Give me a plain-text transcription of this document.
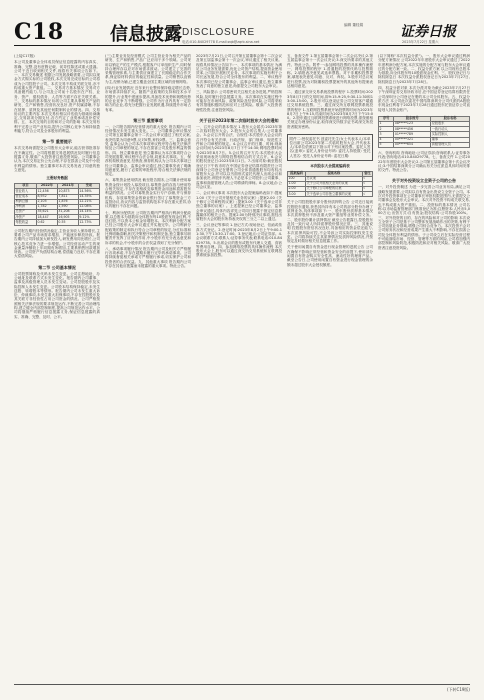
C18	信息披露 DISCLOSURE
电话:010-84029778 E-mail:zqb@zqrb.sina.net
编辑 董桂娟	证券日报
2023年7月22日 星期六

(上接C17版)

本公司及董事会全体成员保证信息披露的内容真实、准确、完整,没有虚假记载、误导性陈述或重大遗漏。公司于近日收到相关文件,现将有关事项公告如下。一、本次交易概述 根据公司发展战略需要,公司拟以现金方式购买标的公司股权,本次交易完成后标的公司将成为公司控股子公司。本次交易不构成关联交易,亦不构成重大资产重组。二、交易对方基本情况 交易对方具备履约能力,与公司及公司前十名股东在产权、业务、资产、债权债务、人员等方面不存在关联关系。三、交易标的基本情况 标的公司主要从事相关产品的研发、生产和销售,经营状况良好,资产权属清晰,不存在抵押、质押及其他任何限制转让的情况。四、交易协议的主要内容 本次交易价格以评估值为基础协商确定,交易款项分期支付,各方约定了业绩承诺及补偿安排。五、本次交易的目的和对公司的影响 本次交易有利于完善公司产业布局,提升公司核心竞争力和持续盈利能力,符合公司及全体股东的利益。

第一节 重要提示

本次交易尚需提交公司股东大会审议,能否获得批准存在不确定性。公司将根据交易进展情况及时履行信息披露义务,敬请广大投资者注意投资风险。公司董事会认为,本次交易定价公允合理,不存在损害公司及中小股东利益的情形。独立董事对本次交易发表了同意的独立意见。

主要财务数据
项目	2022年	2021年	变动
营业收入	12,456	10,873	14.56%
营业成本	8,932	7,811	14.35%
利润总额	2,105	1,876	12.21%
净利润	1,782	1,590	12.08%
总资产	35,621	31,208	14.14%
净资产	18,447	16,905	9.12%
每股收益	0.62	0.55	12.73%

公司报告期内经营情况稳定,主营业务收入保持增长,主要系公司产品市场需求增加、产能逐步释放所致。报告期内公司持续加大研发投入,研发费用同比增长,公司核心技术竞争力进一步增强。公司经营活动产生的现金流量净额较上年同期有所增加,主要系销售回款增加所致。公司资产负债结构合理,偿债能力良好,不存在重大偿债风险。

第二节 公司基本情况

公司股票简称及代码未发生变更。公司注册地址、办公地址及联系方式未发生变化。报告期内公司董事、监事及高级管理人员未发生变动。公司控股股东及实际控制人未发生变更。公司股本结构保持稳定,未发生送股、转增股本等情形。报告期内公司未发生重大诉讼、仲裁事项,未发生重大担保事项,不存在控股股东及其关联方非经营性占用公司资金的情况。公司严格按照相关法律法规的要求规范运作,不断完善公司治理结构,建立健全内部控制制度,提高公司规范运作水平。公司将继续严格履行信息披露义务,保证信息披露的真实、准确、完整、及时、公平。

(三)主要业务及经营模式 公司主营业务为相关产品的研发、生产和销售,产品广泛应用于多个领域。公司采用以销定产的生产模式,根据客户订单组织生产,同时保持合理库存以应对市场需求波动。公司建立了完善的采购管理体系,与主要供应商建立了长期稳定的合作关系,保证原材料供应的稳定性和质量。公司销售以直销为主,经销为辅,已建立覆盖全国主要区域的营销网络。

(四)行业发展情况 近年来行业整体保持稳定增长态势,市场需求持续扩大。随着产业政策的支持和技术水平的提升,行业集中度逐步提高,具备技术优势和规模优势的企业竞争力不断增强。公司作为行业内具有一定影响力的企业,将充分把握行业发展机遇,持续提升市场占有率。

第三节 重要事项

一、公司报告期内经营情况的重大变化 报告期内公司经营情况未发生重大变化。二、公司董事会审议情况 公司第五届董事会第十二次会议审议通过了相关议案,表决结果为同意9票,反对0票,弃权0票。三、监事会意见 监事会认为公司本次事项审议程序符合相关法律法规及公司章程的规定,不存在损害公司及股东利益的情形。四、独立董事意见 独立董事认为本次事项符合公司发展需要,审议程序合法合规,同意本次事项。五、保荐机构核查意见 经核查,保荐机构认为公司本次事项已经公司董事会、监事会审议通过,独立董事发表了明确同意意见,履行了必要的审批程序,符合相关法律法规的规定。

六、募集资金使用情况 截至报告期末,公司累计使用募集资金按计划投入募投项目,募集资金的存放与使用符合相关规定,不存在变相改变募集资金用途和损害股东利益的情况。公司对募集资金实行专户存储,并与保荐机构、存放募集资金的商业银行签订了募集资金三方监管协议,协议内容与监管机构范本不存在重大差异,协议的履行不存在问题。

七、利润分配情况 公司报告期内严格执行利润分配政策,以总股本为基数向全体股东每10股派发现金红利,不送红股,不以资本公积金转增股本。本次利润分配方案已经公司股东大会审议通过并实施完毕。公司利润分配政策的制定和执行符合公司章程的规定,分红标准和比例明确清晰,相关决策程序和机制完备,独立董事尽职履责并发挥了应有的作用,中小股东有充分表达意见和诉求的机会,中小股东的合法权益得到了充分保护。

八、承诺事项履行情况 报告期内公司及相关方严格履行各项承诺,不存在超期未履行完毕的承诺事项。公司将持续督促相关承诺方严格履行承诺,切实保护公司和投资者的合法权益。九、其他重大事项 报告期内公司不存在其他应披露而未披露的重大事项。特此公告。

2023年7月21日,公司召开第五届董事会第十二次会议及第五届监事会第十一次会议,审议通过了相关议案。现将具体情况公告如下:一、本次事项的基本情况 为满足公司业务发展需要,优化公司资产结构,提高资金使用效率,公司拟开展相关业务。本次事项的实施有利于公司长远发展,符合公司全体股东的利益。二、审议程序 本次事项已经公司董事会、监事会审议通过,独立董事发表了同意的独立意见,尚需提交公司股东大会审议。

三、风险提示 公司将密切关注相关业务进展,严格控制风险,及时履行信息披露义务。本次事项在实施过程中可能存在市场风险、政策风险及经营风险,公司将采取有效措施积极防范和应对上述风险。敬请广大投资者理性投资,注意投资风险。

关于召开2023年第二次临时股东大会的通知

一、召开会议的基本情况 1.股东大会届次:2023年第二次临时股东大会。2.股东大会的召集人:公司董事会。3.会议召开的合法、合规性:本次股东大会会议的召开符合有关法律、行政法规、部门规章、规范性文件和公司章程的规定。4.会议召开的日期、时间:现场会议时间为2023年8月7日下午14:30;网络投票时间为2023年8月7日。5.会议的召开方式:本次股东大会采用现场表决与网络投票相结合的方式召开。6.会议的股权登记日:2023年8月1日。7.出席对象:截至股权登记日下午收市时在中国证券登记结算有限责任公司深圳分公司登记在册的公司全体普通股股东均有权出席股东大会,并可以以书面形式委托代理人出席会议和参加表决,该股东代理人不必是本公司股东;公司董事、监事和高级管理人员;公司聘请的律师。8.会议地点:公司会议室。

二、会议审议事项 本次股东大会提案编码表如下:提案1.00《关于公司开展相关业务的议案》;提案2.00《关于修订公司章程的议案》;提案3.00《关于选举公司非独立董事的议案》。上述提案已经公司董事会、监事会审议通过,具体内容详见公司同日披露于指定信息披露媒体的相关公告。提案2.00为特别决议事项,需经出席股东大会的股东所持表决权的三分之二以上通过。

三、会议登记等事项 1.登记方式:现场登记、信函或传真方式登记。2.登记时间:2023年8月2日上午9:00-11:30,下午13:30-17:00。3.登记地点:公司证券部。4.会议联系方式:联系人:证券事务代表;联系电话:010-84029778。5.出席会议的股东或股东代理人交通、食宿等费用自理。四、参加网络投票的具体操作流程 本次股东大会上,股东可以通过深交所交易系统和互联网投票系统参加投票。

五、备查文件 1.第五届董事会第十二次会议决议;2.第五届监事会第十一次会议决议;3.深交所要求的其他文件。特此公告。附件一:参加网络投票的具体操作流程 一、网络投票的程序 1.普通股的投票代码与投票简称。2.填报表决意见或选举票数。对于非累积投票提案,填报表决意见:同意、反对、弃权。3.股东对总议案进行投票,视为对除累积投票提案外的其他所有提案表达相同意见。

二、通过深交所交易系统投票的程序 1.投票时间:2023年8月7日的交易时间,即9:15-9:25,9:30-11:30和13:00-15:00。2.股东可以登录证券公司交易客户端通过交易系统投票。三、通过深交所互联网投票系统投票的程序 1.互联网投票系统开始投票的时间为2023年8月7日上午9:15,结束时间为2023年8月7日下午15:00。2.股东通过互联网投票系统进行网络投票,需按照相关规定办理身份认证,取得深交所数字证书或深交所投资者服务密码。

附件二:授权委托书 兹委托先生/女士代表本人/本单位出席公司2023年第二次临时股东大会,并代表本人/本单位依照以下指示对下列议案投票。委托人签名(盖章): 委托人身份证号码: 委托人持股数: 受托人签名: 受托人身份证号码: 委托日期:
本次股东大会提案编码表
提案编码	提案名称	备注
100	总议案	√
1.00	关于公司开展相关业务的议案	√
2.00	关于修订公司章程的议案	√
3.00	关于选举公司非独立董事的议案	√

关于公司控股股东部分股份质押的公告 公司近日接到控股股东通知,获悉其所持有本公司的部分股份办理了质押业务,具体事项如下:一、股东股份质押基本情况 本次质押股份不涉及重大资产重组等业绩补偿义务。二、股东股份累计质押情况 截至公告披露日,控股股东及其一致行动人所持质押股份情况正常。三、其他说明 控股股东资信状况良好,具备相应的资金偿还能力,本次质押风险可控,不会导致公司实际控制权发生变更。公司将持续关注其质押情况及质押风险情况,并按规定及时做好相关信息披露工作。

关于使用闲置自有资金进行现金管理的进展公告 公司在确保不影响正常经营和资金安全的前提下,使用部分闲置自有资金购买安全性高、流动性好的理财产品。截至公告日,公司使用闲置自有资金进行现金管理的余额未超过股东大会授权额度。

(以下简称"本次权益分派")。一、股东大会审议通过利润分配方案情况 公司2022年年度股东大会审议通过了2022年度利润分配方案,本次实施的分配方案与股东大会审议通过的分配方案一致。二、权益分派方案 以公司现有总股本为基数,向全体股东每10股派现金红利。三、股权登记日与除权除息日 本次权益分派股权登记日为2023年7月27日,除权除息日为2023年7月28日。

四、权益分派对象 本次分派对象为截止2023年7月27日下午深圳证券交易所收市后,在中国证券登记结算有限责任公司深圳分公司登记在册的本公司全体股东。五、权益分派方法 本公司此次委托中国结算深圳分公司代派的A股股东现金红利将于2023年7月28日通过股东托管证券公司直接划入其资金账户。

序号	股东账号	股东名称
1	08*****123	控股股东
2	08*****456	一致行动人
3	01*****789	实际控制人
4	00*****321	董事
5	00*****654	高级管理人员

六、咨询机构 咨询地址:公司证券部;咨询联系人:证券事务代表;咨询电话:010-84029778。七、备查文件 1.公司2022年年度股东大会决议;2.公司第五届董事会第十次会议决议;3.中国结算深圳分公司确认有关分红派息具体时间安排的文件。特此公告。

关于对外投资设立全资子公司的公告

一、对外投资概述 为进一步完善公司业务布局,满足公司战略发展需要,公司拟以自有资金出资设立全资子公司。本次对外投资事项在公司董事长审批权限范围内,无需提交公司董事会及股东大会审议。本次对外投资不构成关联交易,也不构成重大资产重组。二、投资标的基本情况 公司名称:以市场监督管理部门核准登记为准;注册资本:人民币5,000万元;出资方式:自有资金;股权结构:公司持股100%。三、对外投资的目的、存在的风险和对公司的影响 本次设立全资子公司是基于公司整体发展战略作出的决策,有利于公司拓展业务领域,增强公司综合竞争力。本次投资不会对公司财务状况和经营成果产生重大不利影响,不存在损害公司及全体股东利益的情形。子公司设立后在实际经营过程中可能面临市场、经营、管理等方面的风险,公司将加强内部控制和风险防范,积极防范和应对相关风险。敬请广大投资者注意投资风险。

(下转C19版)
